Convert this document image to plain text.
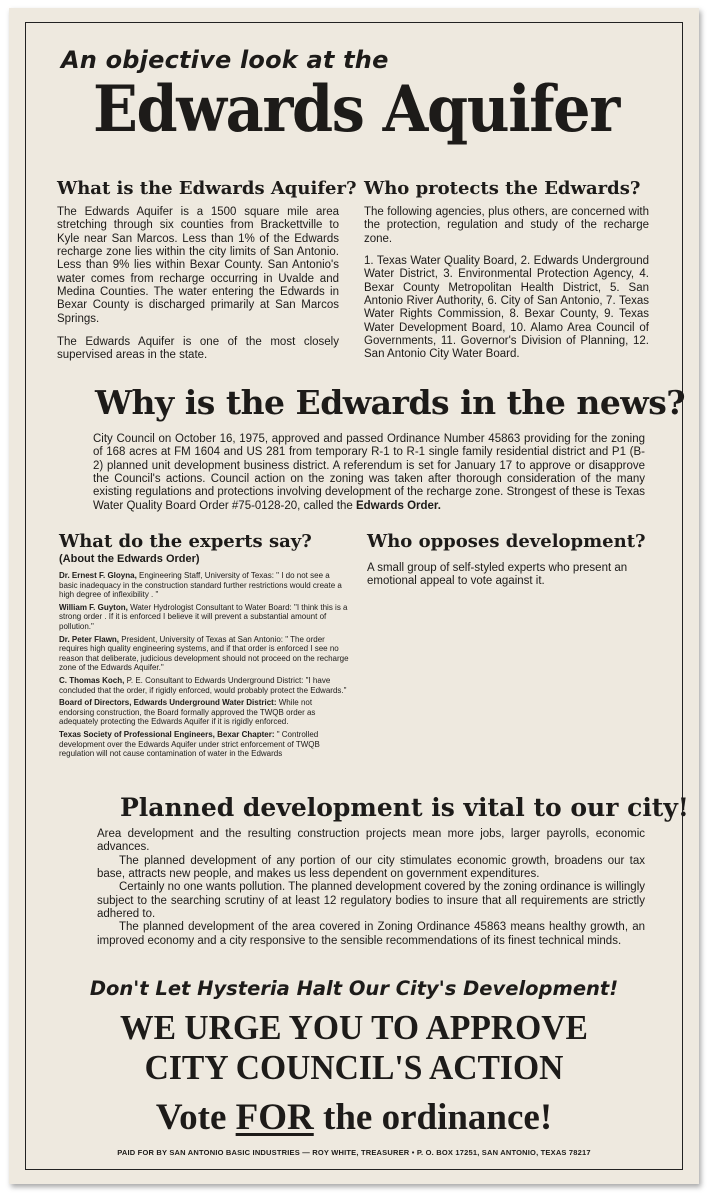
An objective look at the
Edwards Aquifer
What is the Edwards Aquifer?

The Edwards Aquifer is a 1500 square mile area stretching through six counties from Brackettville to Kyle near San Marcos. Less than 1% of the Edwards recharge zone lies within the city limits of San Antonio. Less than 9% lies within Bexar County. San Antonio's water comes from recharge occurring in Uvalde and Medina Counties. The water entering the Edwards in Bexar County is discharged primarily at San Marcos Springs.

The Edwards Aquifer is one of the most closely supervised areas in the state.

Who protects the Edwards?

The following agencies, plus others, are concerned with the protection, regulation and study of the recharge zone.

1. Texas Water Quality Board, 2. Edwards Underground Water District, 3. Environmental Protection Agency, 4. Bexar County Metropolitan Health District, 5. San Antonio River Authority, 6. City of San Antonio, 7. Texas Water Rights Commission, 8. Bexar County, 9. Texas Water Development Board, 10. Alamo Area Council of Governments, 11. Governor's Division of Planning, 12. San Antonio City Water Board.

Why is the Edwards in the news?
City Council on October 16, 1975, approved and passed Ordinance Number 45863 providing for the zoning of 168 acres at FM 1604 and US 281 from temporary R-1 to R-1 single family residential district and P1 (B-2) planned unit development business district. A referendum is set for January 17 to approve or disapprove the Council's actions. Council action on the zoning was taken after thorough consideration of the many existing regulations and protections involving development of the recharge zone. Strongest of these is Texas Water Quality Board Order #75-0128-20, called the Edwards Order.
What do the experts say?
(About the Edwards Order)

Dr. Ernest F. Gloyna, Engineering Staff, University of Texas: " I do not see a basic inadequacy in the construction standard further restrictions would create a high degree of inflexibility . "

William F. Guyton, Water Hydrologist Consultant to Water Board: "I think this is a strong order . If it is enforced I believe it will prevent a substantial amount of pollution."

Dr. Peter Flawn, President, University of Texas at San Antonio: " The order requires high quality engineering systems, and if that order is enforced I see no reason that deliberate, judicious development should not proceed on the recharge zone of the Edwards Aquifer."

C. Thomas Koch, P. E. Consultant to Edwards Underground District: "I have concluded that the order, if rigidly enforced, would probably protect the Edwards."

Board of Directors, Edwards Underground Water District: While not endorsing construction, the Board formally approved the TWQB order as adequately protecting the Edwards Aquifer if it is rigidly enforced.

Texas Society of Professional Engineers, Bexar Chapter: " Controlled development over the Edwards Aquifer under strict enforcement of TWQB regulation will not cause contamination of water in the Edwards

Who opposes development?
A small group of self-styled experts who present an emotional appeal to vote against it.
Planned development is vital to our city!

Area development and the resulting construction projects mean more jobs, larger payrolls, economic advances.

The planned development of any portion of our city stimulates economic growth, broadens our tax base, attracts new people, and makes us less dependent on government expenditures.

Certainly no one wants pollution. The planned development covered by the zoning ordinance is willingly subject to the searching scrutiny of at least 12 regulatory bodies to insure that all requirements are strictly adhered to.

The planned development of the area covered in Zoning Ordinance 45863 means healthy growth, an improved economy and a city responsive to the sensible recommendations of its finest technical minds.

Don't Let Hysteria Halt Our City's Development!
WE URGE YOU TO APPROVE
CITY COUNCIL'S ACTION
Vote FOR the ordinance!
PAID FOR BY SAN ANTONIO BASIC INDUSTRIES — ROY WHITE, TREASURER • P. O. BOX 17251, SAN ANTONIO, TEXAS 78217
